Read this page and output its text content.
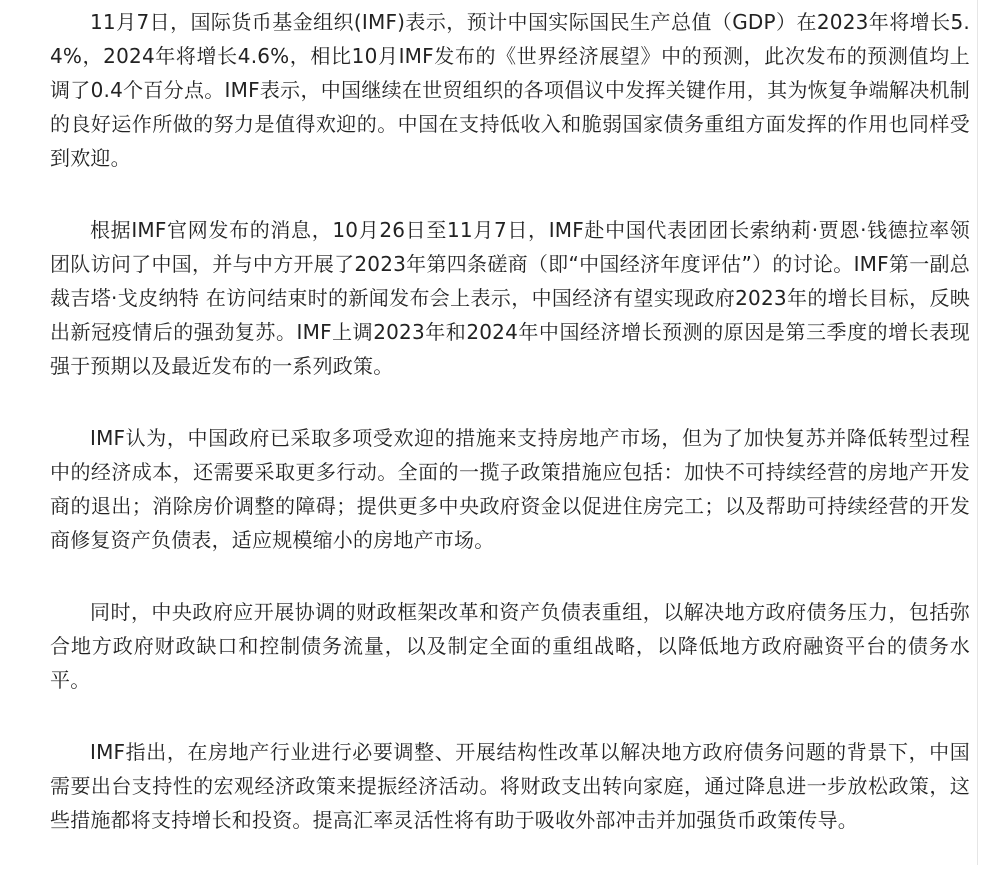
11月7日，国际货币基金组织(IMF)表示，预计中国实际国民生产总值（GDP）在2023年将增长5.4%，2024年将增长4.6%，相比10月IMF发布的《世界经济展望》中的预测，此次发布的预测值均上调了0.4个百分点。IMF表示，中国继续在世贸组织的各项倡议中发挥关键作用，其为恢复争端解决机制的良好运作所做的努力是值得欢迎的。中国在支持低收入和脆弱国家债务重组方面发挥的作用也同样受到欢迎。

根据IMF官网发布的消息，10月26日至11月7日，IMF赴中国代表团团长索纳莉·贾恩·钱德拉率领团队访问了中国，并与中方开展了2023年第四条磋商（即“中国经济年度评估”）的讨论。IMF第一副总裁吉塔·戈皮纳特 在访问结束时的新闻发布会上表示，中国经济有望实现政府2023年的增长目标，反映出新冠疫情后的强劲复苏。IMF上调2023年和2024年中国经济增长预测的原因是第三季度的增长表现强于预期以及最近发布的一系列政策。

IMF认为，中国政府已采取多项受欢迎的措施来支持房地产市场，但为了加快复苏并降低转型过程中的经济成本，还需要采取更多行动。全面的一揽子政策措施应包括：加快不可持续经营的房地产开发商的退出；消除房价调整的障碍；提供更多中央政府资金以促进住房完工；以及帮助可持续经营的开发商修复资产负债表，适应规模缩小的房地产市场。

同时，中央政府应开展协调的财政框架改革和资产负债表重组，以解决地方政府债务压力，包括弥合地方政府财政缺口和控制债务流量，以及制定全面的重组战略，以降低地方政府融资平台的债务水平。

IMF指出，在房地产行业进行必要调整、开展结构性改革以解决地方政府债务问题的背景下，中国需要出台支持性的宏观经济政策来提振经济活动。将财政支出转向家庭，通过降息进一步放松政策，这些措施都将支持增长和投资。提高汇率灵活性将有助于吸收外部冲击并加强货币政策传导。
